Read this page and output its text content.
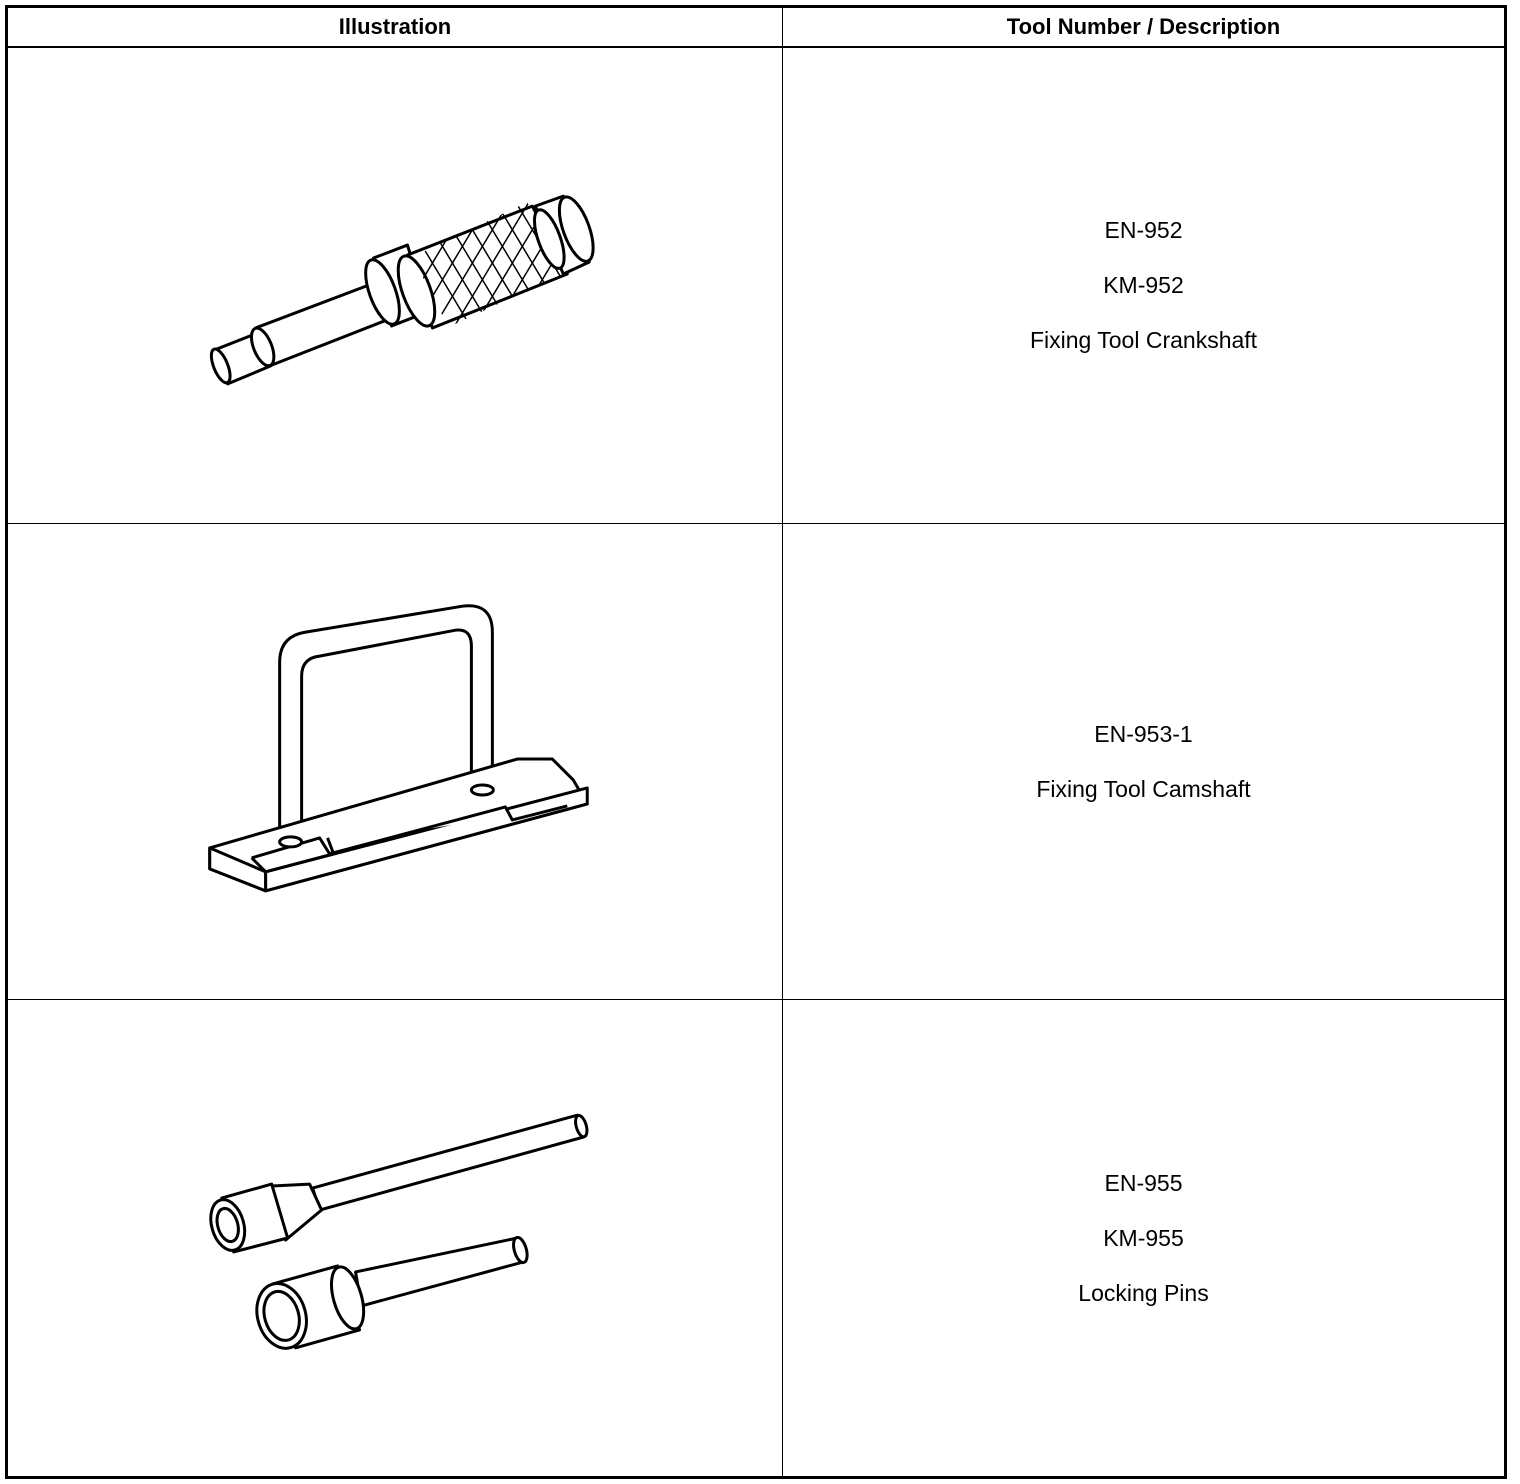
Illustration	Tool Number / Description
EN-952
KM-952
Fixing Tool Crankshaft
EN-953-1
Fixing Tool Camshaft
EN-955
KM-955
Locking Pins
